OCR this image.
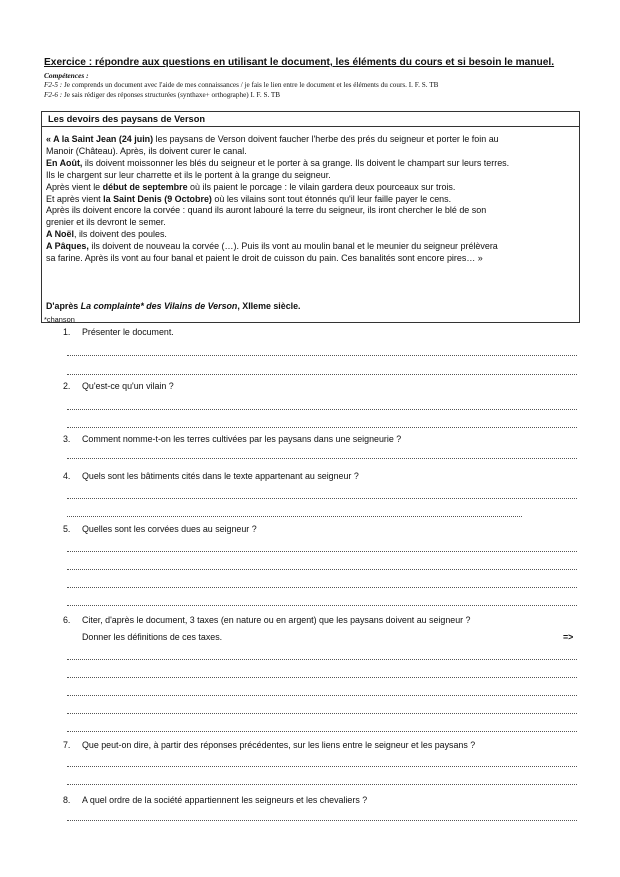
Exercice : répondre aux questions en utilisant le document, les éléments du cours et si besoin le manuel.
Compétences :
F2-5 : Je comprends un document avec l'aide de mes connaissances / je fais le lien entre le document et les éléments du cours. I. F. S. TB
F2-6 : Je sais rédiger des réponses structurées (synthaxe+ orthographe) I. F. S. TB
Les devoirs des paysans de Verson

« A la Saint Jean (24 juin) les paysans de Verson doivent faucher l'herbe des prés du seigneur et porter le foin au

Manoir (Château). Après, ils doivent curer le canal.

En Août, ils doivent moissonner les blés du seigneur et le porter à sa grange. Ils doivent le champart sur leurs terres.

Ils le chargent sur leur charrette et ils le portent à la grange du seigneur.

Après vient le début de septembre où ils paient le porcage : le vilain gardera deux pourceaux sur trois.

Et après vient la Saint Denis (9 Octobre) où les vilains sont tout étonnés qu'il leur faille payer le cens.

Après ils doivent encore la corvée : quand ils auront labouré la terre du seigneur, ils iront chercher le blé de son

grenier et ils devront le semer.

A Noël, ils doivent des poules.

A Pâques, ils doivent de nouveau la corvée (…). Puis ils vont au moulin banal et le meunier du seigneur prélèvera

sa farine. Après ils vont au four banal et paient le droit de cuisson du pain. Ces banalités sont encore pires… »

D'après La complainte* des Vilains de Verson, XIIeme siècle.
*chanson
1. Présenter le document.
2. Qu'est-ce qu'un vilain ?
3. Comment nomme-t-on les terres cultivées par les paysans dans une seigneurie ?
4. Quels sont les bâtiments cités dans le texte appartenant au seigneur ?
5. Quelles sont les corvées dues au seigneur ?
6. Citer, d'après le document, 3 taxes (en nature ou en argent) que les paysans doivent au seigneur ?
Donner les définitions de ces taxes.	=>
7. Que peut-on dire, à partir des réponses précédentes, sur les liens entre le seigneur et les paysans ?
8. A quel ordre de la société appartiennent les seigneurs et les chevaliers ?
